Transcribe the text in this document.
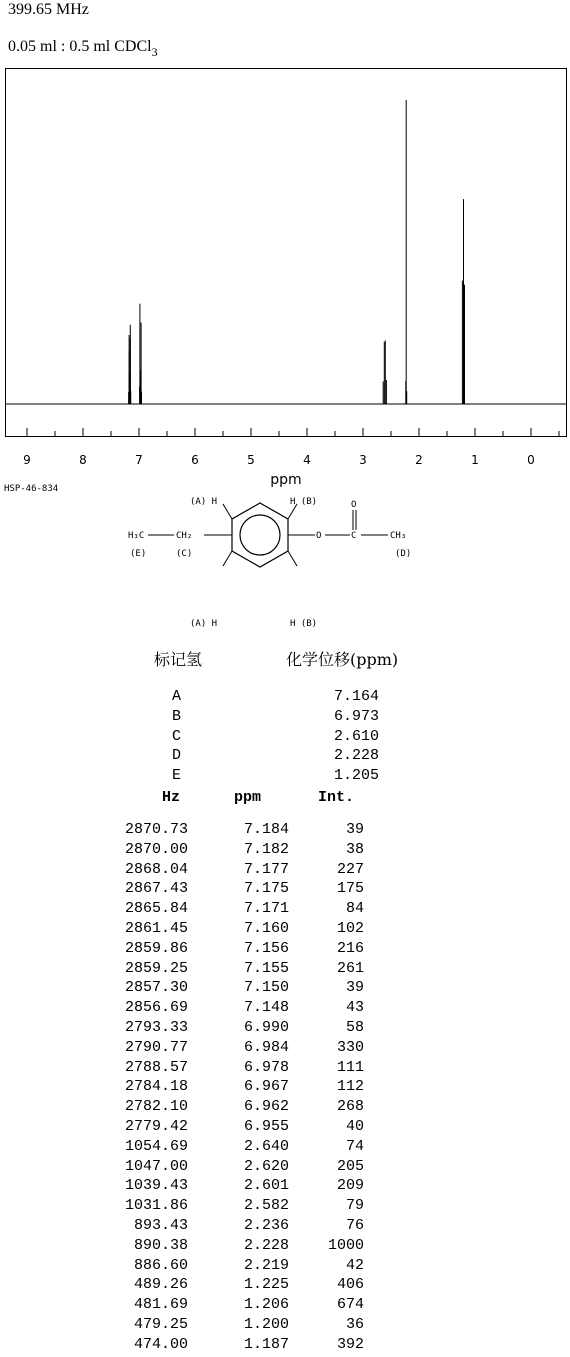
399.65 MHz
0.05 ml : 0.5 ml CDCl$_3$
9	8	7	6	5	4	3	2	1	0
HSP-46-834
ppm
(A) H	H (B)
(A) H	H (B)
H₃C	CH₂	O
O
C	CH₃
(E)	(C)	(D)
标记氢	化学位移(ppm)
A	7.164
B	6.973
C	2.610
D	2.228
E	1.205
Hz	ppm	Int.
2870.73	7.184	39
2870.00	7.182	38
2868.04	7.177	227
2867.43	7.175	175
2865.84	7.171	84
2861.45	7.160	102
2859.86	7.156	216
2859.25	7.155	261
2857.30	7.150	39
2856.69	7.148	43
2793.33	6.990	58
2790.77	6.984	330
2788.57	6.978	111
2784.18	6.967	112
2782.10	6.962	268
2779.42	6.955	40
1054.69	2.640	74
1047.00	2.620	205
1039.43	2.601	209
1031.86	2.582	79
893.43	2.236	76
890.38	2.228	1000
886.60	2.219	42
489.26	1.225	406
481.69	1.206	674
479.25	1.200	36
474.00	1.187	392
